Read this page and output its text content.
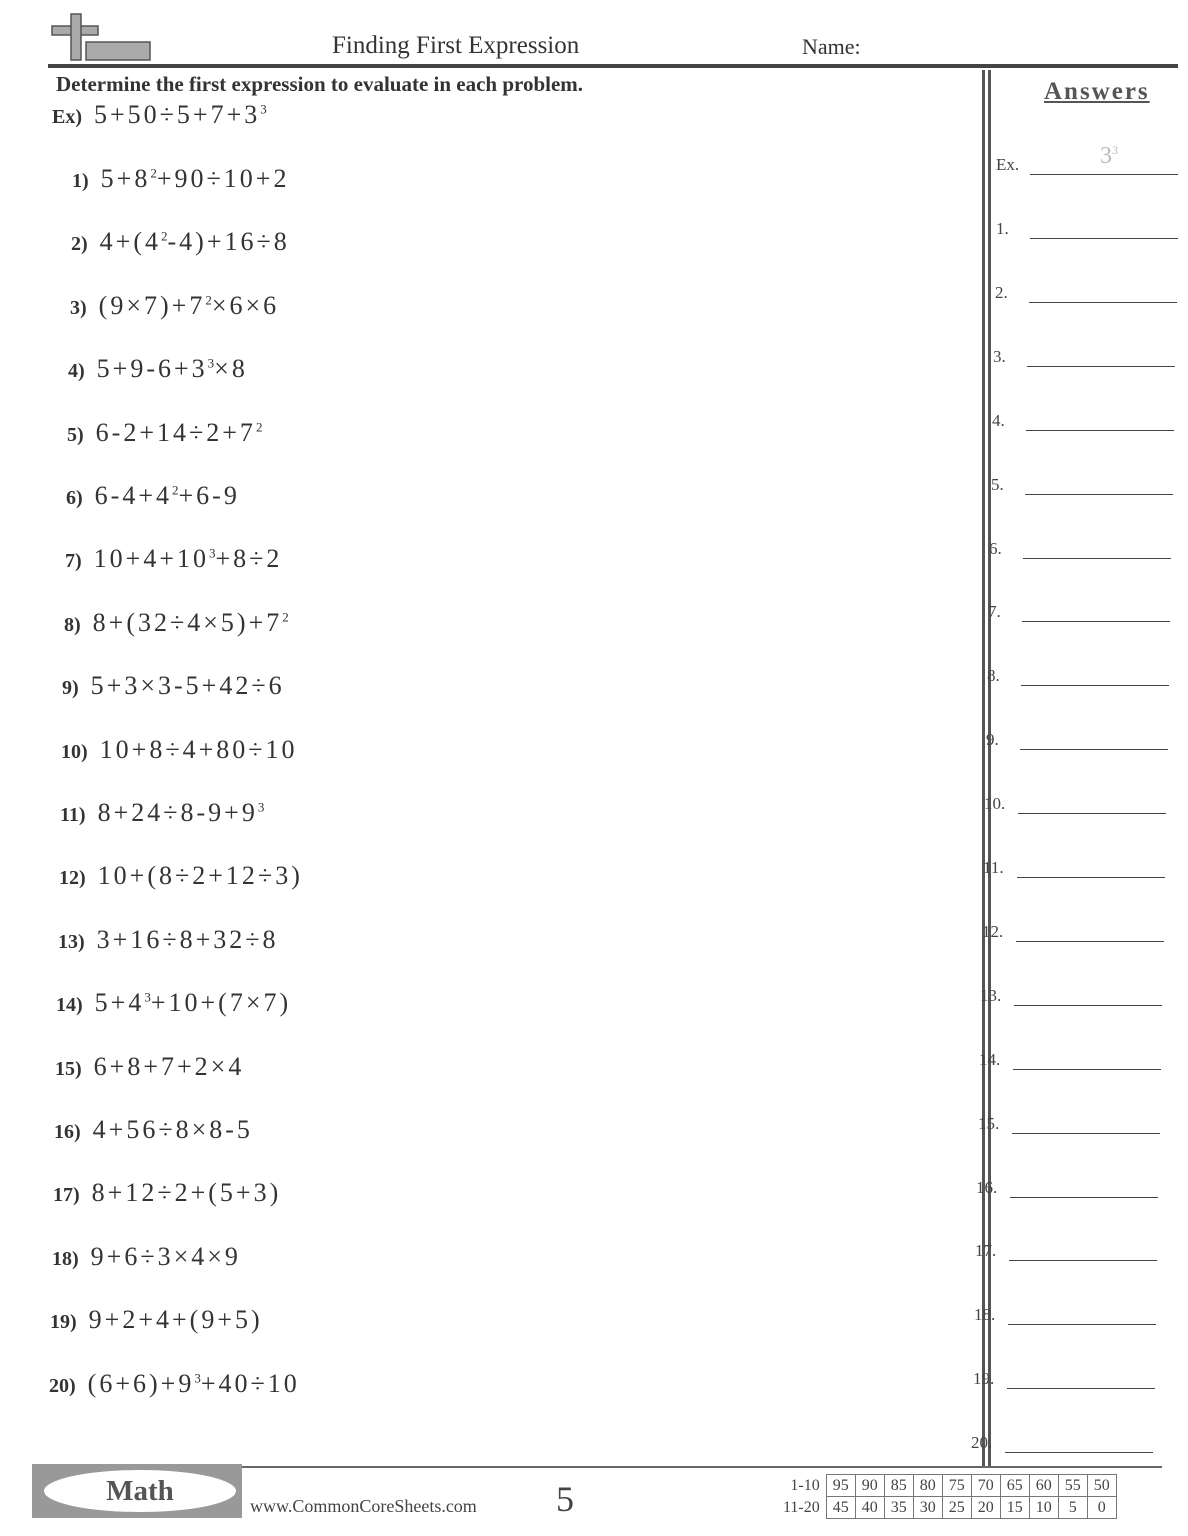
Finding First Expression	Name:
Determine the first expression to evaluate in each problem.
Ex) $5+50\div 5+7+3^3$
1) $5+8^2+90\div 10+2$
2) $4+(4^2-4)+16\div 8$
3) $(9\times 7)+7^2\times 6\times 6$
4) $5+9-6+3^3\times 8$
5) $6-2+14\div 2+7^2$
6) $6-4+4^2+6-9$
7) $10+4+10^3+8\div 2$
8) $8+(32\div 4\times 5)+7^2$
9) 5+3×3-5+42÷6
10) 10+8÷4+80÷10
11) $8+24\div 8-9+9^3$
12) 10+(8÷2+12÷3)
13) 3+16÷8+32÷8
14) $5+4^3+10+(7\times 7)$
15) 6+8+7+2×4
16) 4+56÷8×8-5
17) 8+12÷2+(5+3)
18) 9+6÷3×4×9
19) 9+2+4+(9+5)
20) $(6+6)+9^3+40\div 10$
Answers
Ex.	$3^3$
1.
2.
3.
4.
5.
6.
7.
8.
9.
10.
11.
12.
13.
14.
15.
16.
17.
18.
19.
20.
Math	www.CommonCoreSheets.com 5	1-10	95	90	85	80	75	70	65	60	55	50
11-20	45	40	35	30	25	20	15	10	5	0
